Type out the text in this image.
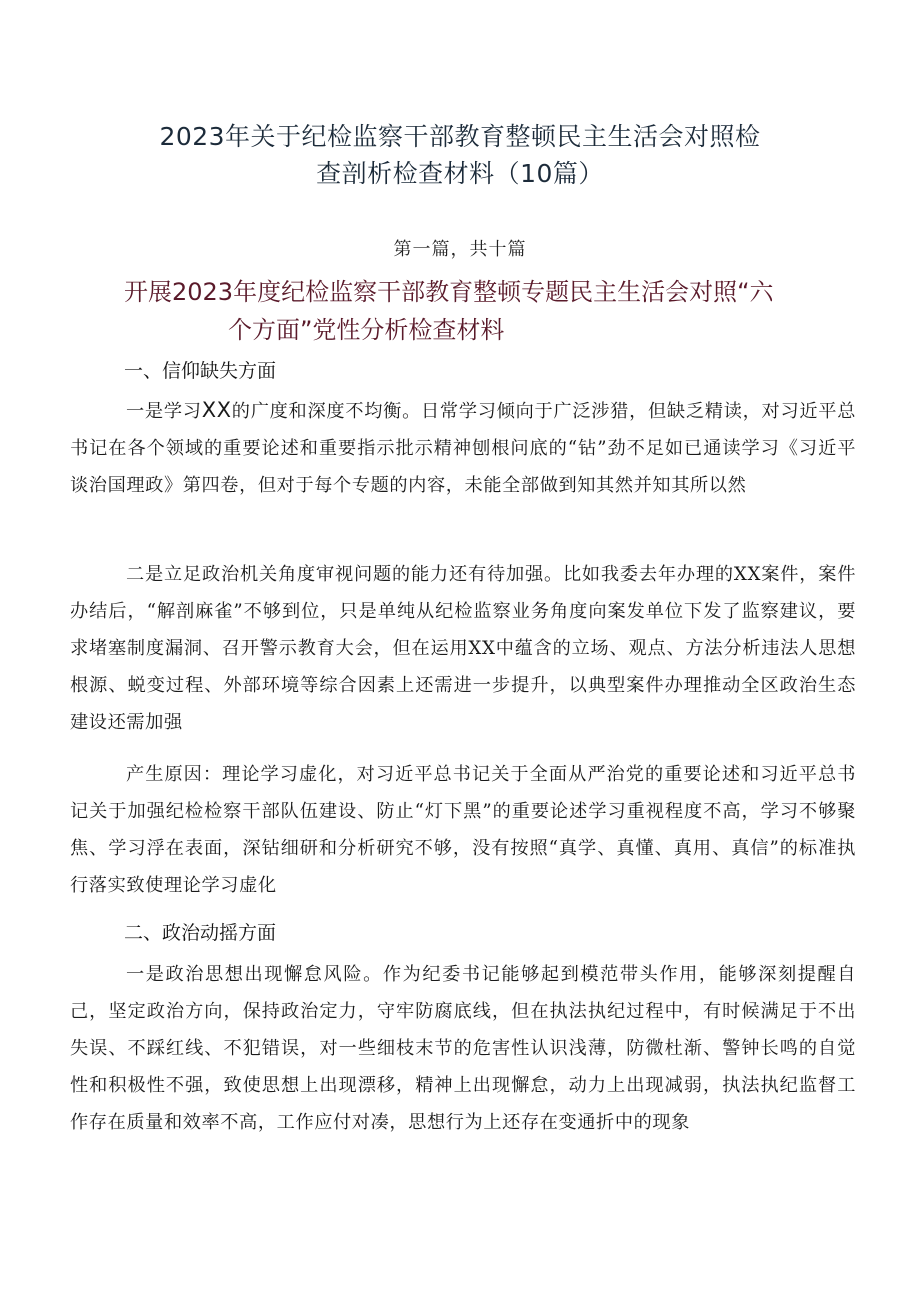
2023年关于纪检监察干部教育整顿民主生活会对照检
查剖析检查材料（10篇）
第一篇，共十篇
开展2023年度纪检监察干部教育整顿专题民主生活会对照“六
个方面”党性分析检查材料
一、信仰缺失方面
一是学习XX的广度和深度不均衡。日常学习倾向于广泛涉猎，但缺乏精读，对习近平总书记在各个领域的重要论述和重要指示批示精神刨根问底的“钻”劲不足如已通读学习《习近平谈治国理政》第四卷，但对于每个专题的内容，未能全部做到知其然并知其所以然
二是立足政治机关角度审视问题的能力还有待加强。比如我委去年办理的XX案件，案件办结后，“解剖麻雀”不够到位，只是单纯从纪检监察业务角度向案发单位下发了监察建议，要求堵塞制度漏洞、召开警示教育大会，但在运用XX中蕴含的立场、观点、方法分析违法人思想根源、蜕变过程、外部环境等综合因素上还需进一步提升，以典型案件办理推动全区政治生态建设还需加强
产生原因：理论学习虚化，对习近平总书记关于全面从严治党的重要论述和习近平总书记关于加强纪检检察干部队伍建设、防止“灯下黑”的重要论述学习重视程度不高，学习不够聚焦、学习浮在表面，深钻细研和分析研究不够，没有按照“真学、真懂、真用、真信”的标准执行落实致使理论学习虚化
二、政治动摇方面
一是政治思想出现懈怠风险。作为纪委书记能够起到模范带头作用，能够深刻提醒自己，坚定政治方向，保持政治定力，守牢防腐底线，但在执法执纪过程中，有时候满足于不出失误、不踩红线、不犯错误，对一些细枝末节的危害性认识浅薄，防微杜渐、警钟长鸣的自觉性和积极性不强，致使思想上出现漂移，精神上出现懈怠，动力上出现减弱，执法执纪监督工作存在质量和效率不高，工作应付对凑，思想行为上还存在变通折中的现象
